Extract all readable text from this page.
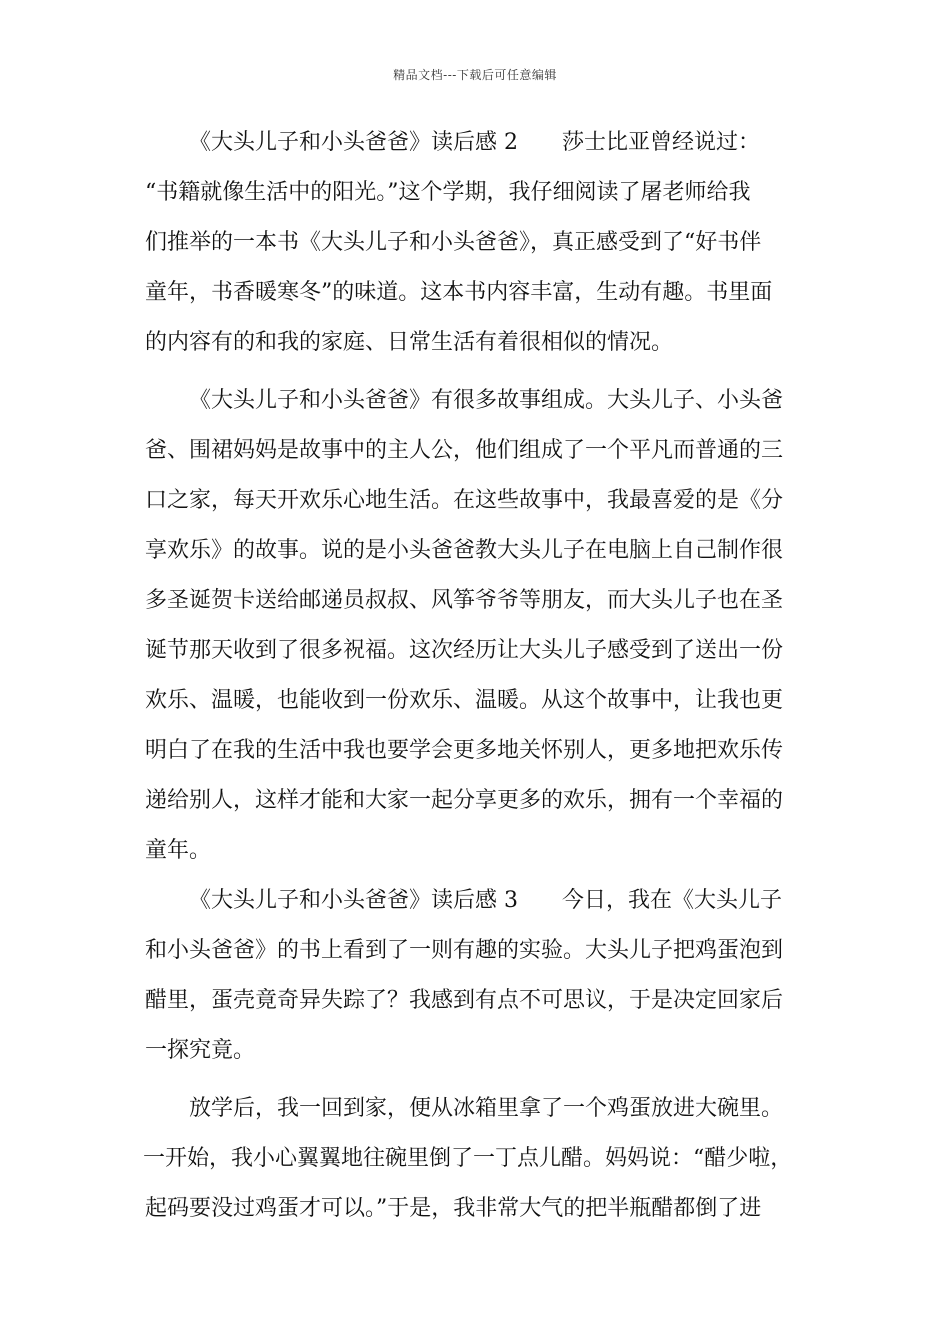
精品文档---下载后可任意编辑
《大头儿子和小头爸爸》读后感 2　　莎士比亚曾经说过：
“书籍就像生活中的阳光。”这个学期，我仔细阅读了屠老师给我
们推举的一本书《大头儿子和小头爸爸》，真正感受到了“好书伴
童年，书香暖寒冬”的味道。这本书内容丰富，生动有趣。书里面
的内容有的和我的家庭、日常生活有着很相似的情况。
《大头儿子和小头爸爸》有很多故事组成。大头儿子、小头爸
爸、围裙妈妈是故事中的主人公，他们组成了一个平凡而普通的三
口之家，每天开欢乐心地生活。在这些故事中，我最喜爱的是《分
享欢乐》的故事。说的是小头爸爸教大头儿子在电脑上自己制作很
多圣诞贺卡送给邮递员叔叔、风筝爷爷等朋友，而大头儿子也在圣
诞节那天收到了很多祝福。这次经历让大头儿子感受到了送出一份
欢乐、温暖，也能收到一份欢乐、温暖。从这个故事中，让我也更
明白了在我的生活中我也要学会更多地关怀别人，更多地把欢乐传
递给别人，这样才能和大家一起分享更多的欢乐，拥有一个幸福的
童年。
《大头儿子和小头爸爸》读后感 3　　今日，我在《大头儿子
和小头爸爸》的书上看到了一则有趣的实验。大头儿子把鸡蛋泡到
醋里，蛋壳竟奇异失踪了？我感到有点不可思议，于是决定回家后
一探究竟。
放学后，我一回到家，便从冰箱里拿了一个鸡蛋放进大碗里。
一开始，我小心翼翼地往碗里倒了一丁点儿醋。妈妈说：“醋少啦，
起码要没过鸡蛋才可以。”于是，我非常大气的把半瓶醋都倒了进
